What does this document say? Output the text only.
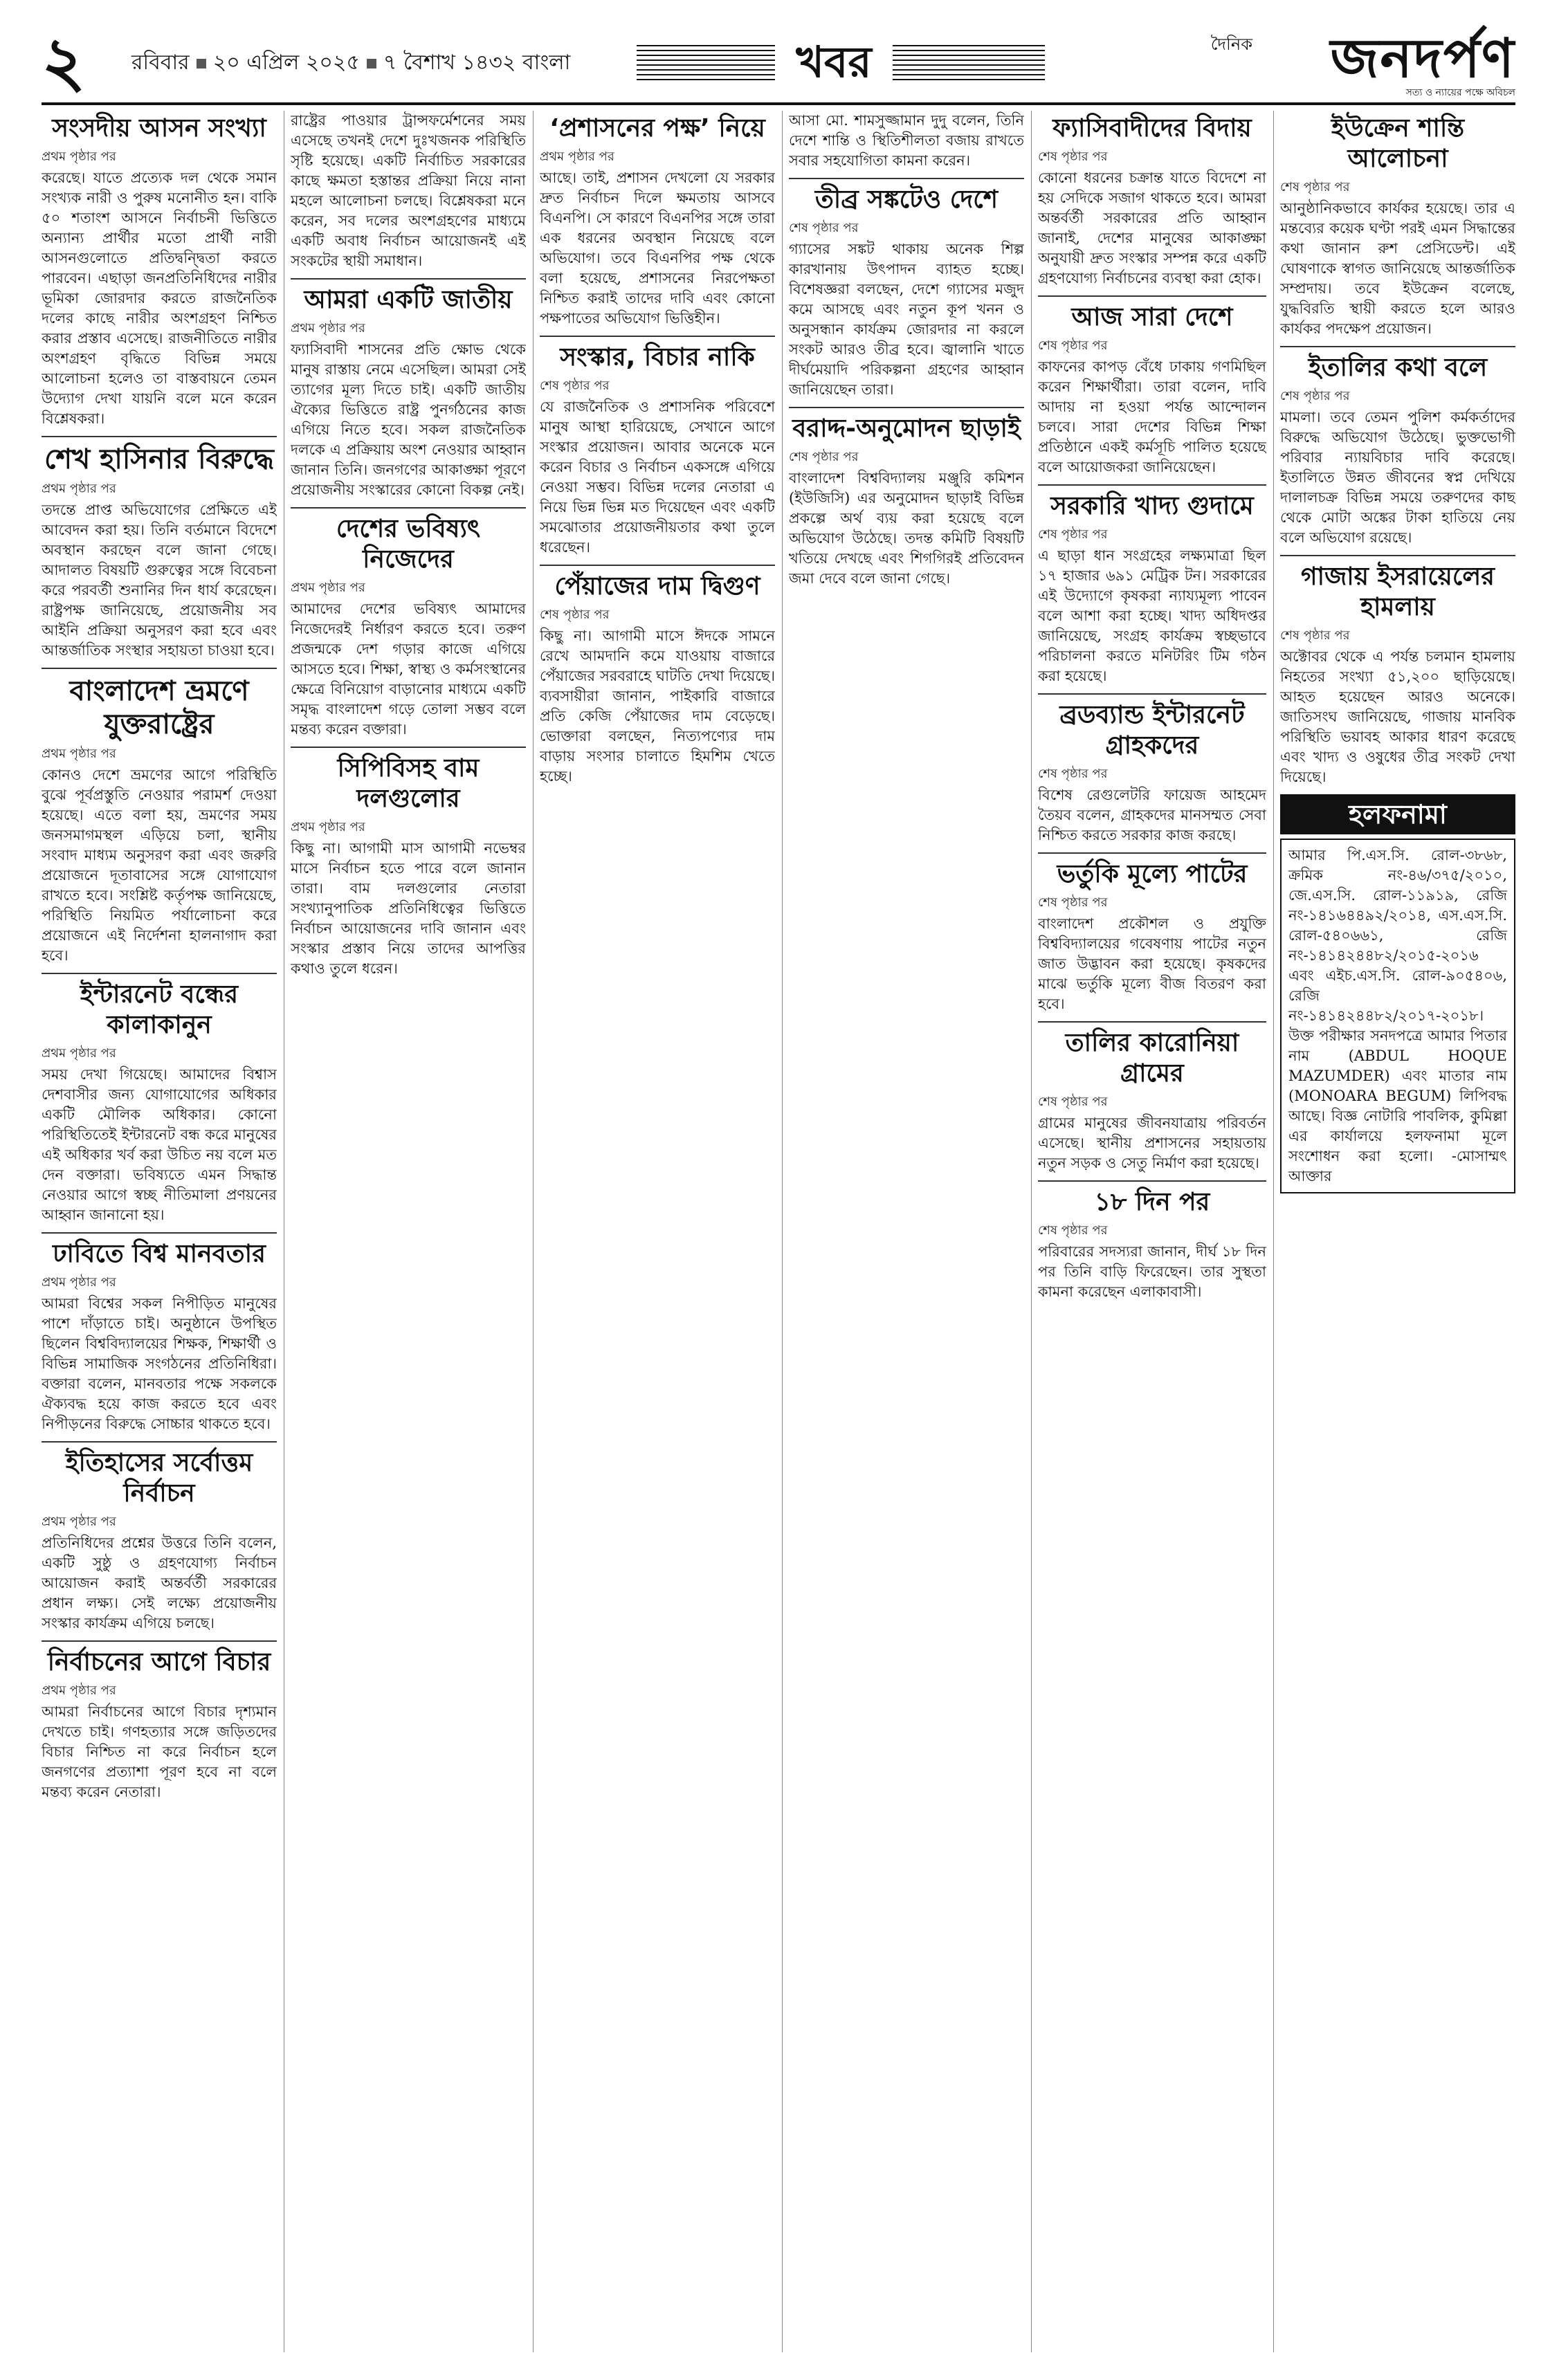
২	রবিবার ২০ এপ্রিল ২০২৫ ৭ বৈশাখ ১৪৩২ বাংলা	খবর	দৈনিক	জনদর্পণ
সত্য ও ন্যায়ের পক্ষে অবিচল
সংসদীয় আসন সংখ্যা
প্রথম পৃষ্ঠার পর

করেছে। যাতে প্রত্যেক দল থেকে সমান সংখ্যক নারী ও পুরুষ মনোনীত হন। বাকি ৫০ শতাংশ আসনে নির্বাচনী ভিত্তিতে অন্যান্য প্রার্থীর মতো প্রার্থী নারী আসনগুলোতে প্রতিদ্বন্দ্বিতা করতে পারবেন। এছাড়া জনপ্রতিনিধিদের নারীর ভূমিকা জোরদার করতে রাজনৈতিক দলের কাছে নারীর অংশগ্রহণ নিশ্চিত করার প্রস্তাব এসেছে। রাজনীতিতে নারীর অংশগ্রহণ বৃদ্ধিতে বিভিন্ন সময়ে আলোচনা হলেও তা বাস্তবায়নে তেমন উদ্যোগ দেখা যায়নি বলে মনে করেন বিশ্লেষকরা।

শেখ হাসিনার বিরুদ্ধে
প্রথম পৃষ্ঠার পর

তদন্তে প্রাপ্ত অভিযোগের প্রেক্ষিতে এই আবেদন করা হয়। তিনি বর্তমানে বিদেশে অবস্থান করছেন বলে জানা গেছে। আদালত বিষয়টি গুরুত্বের সঙ্গে বিবেচনা করে পরবর্তী শুনানির দিন ধার্য করেছেন। রাষ্ট্রপক্ষ জানিয়েছে, প্রয়োজনীয় সব আইনি প্রক্রিয়া অনুসরণ করা হবে এবং আন্তর্জাতিক সংস্থার সহায়তা চাওয়া হবে।

বাংলাদেশ ভ্রমণে যুক্তরাষ্ট্রের
প্রথম পৃষ্ঠার পর

কোনও দেশে ভ্রমণের আগে পরিস্থিতি বুঝে পূর্বপ্রস্তুতি নেওয়ার পরামর্শ দেওয়া হয়েছে। এতে বলা হয়, ভ্রমণের সময় জনসমাগমস্থল এড়িয়ে চলা, স্থানীয় সংবাদ মাধ্যম অনুসরণ করা এবং জরুরি প্রয়োজনে দূতাবাসের সঙ্গে যোগাযোগ রাখতে হবে। সংশ্লিষ্ট কর্তৃপক্ষ জানিয়েছে, পরিস্থিতি নিয়মিত পর্যালোচনা করে প্রয়োজনে এই নির্দেশনা হালনাগাদ করা হবে।

ইন্টারনেট বন্ধের কালাকানুন
প্রথম পৃষ্ঠার পর

সময় দেখা গিয়েছে। আমাদের বিশ্বাস দেশবাসীর জন্য যোগাযোগের অধিকার একটি মৌলিক অধিকার। কোনো পরিস্থিতিতেই ইন্টারনেট বন্ধ করে মানুষের এই অধিকার খর্ব করা উচিত নয় বলে মত দেন বক্তারা। ভবিষ্যতে এমন সিদ্ধান্ত নেওয়ার আগে স্বচ্ছ নীতিমালা প্রণয়নের আহ্বান জানানো হয়।

ঢাবিতে বিশ্ব মানবতার
প্রথম পৃষ্ঠার পর

আমরা বিশ্বের সকল নিপীড়িত মানুষের পাশে দাঁড়াতে চাই। অনুষ্ঠানে উপস্থিত ছিলেন বিশ্ববিদ্যালয়ের শিক্ষক, শিক্ষার্থী ও বিভিন্ন সামাজিক সংগঠনের প্রতিনিধিরা। বক্তারা বলেন, মানবতার পক্ষে সকলকে ঐক্যবদ্ধ হয়ে কাজ করতে হবে এবং নিপীড়নের বিরুদ্ধে সোচ্চার থাকতে হবে।

ইতিহাসের সর্বোত্তম নির্বাচন
প্রথম পৃষ্ঠার পর

প্রতিনিধিদের প্রশ্নের উত্তরে তিনি বলেন, একটি সুষ্ঠু ও গ্রহণযোগ্য নির্বাচন আয়োজন করাই অন্তর্বর্তী সরকারের প্রধান লক্ষ্য। সেই লক্ষ্যে প্রয়োজনীয় সংস্কার কার্যক্রম এগিয়ে চলছে।

নির্বাচনের আগে বিচার
প্রথম পৃষ্ঠার পর

আমরা নির্বাচনের আগে বিচার দৃশ্যমান দেখতে চাই। গণহত্যার সঙ্গে জড়িতদের বিচার নিশ্চিত না করে নির্বাচন হলে জনগণের প্রত্যাশা পূরণ হবে না বলে মন্তব্য করেন নেতারা।

রাষ্ট্রের পাওয়ার ট্রান্সফর্মেশনের সময় এসেছে তখনই দেশে দুঃখজনক পরিস্থিতি সৃষ্টি হয়েছে। একটি নির্বাচিত সরকারের কাছে ক্ষমতা হস্তান্তর প্রক্রিয়া নিয়ে নানা মহলে আলোচনা চলছে। বিশ্লেষকরা মনে করেন, সব দলের অংশগ্রহণের মাধ্যমে একটি অবাধ নির্বাচন আয়োজনই এই সংকটের স্থায়ী সমাধান।

আমরা একটি জাতীয়
প্রথম পৃষ্ঠার পর

ফ্যাসিবাদী শাসনের প্রতি ক্ষোভ থেকে মানুষ রাস্তায় নেমে এসেছিল। আমরা সেই ত্যাগের মূল্য দিতে চাই। একটি জাতীয় ঐক্যের ভিত্তিতে রাষ্ট্র পুনর্গঠনের কাজ এগিয়ে নিতে হবে। সকল রাজনৈতিক দলকে এ প্রক্রিয়ায় অংশ নেওয়ার আহ্বান জানান তিনি। জনগণের আকাঙ্ক্ষা পূরণে প্রয়োজনীয় সংস্কারের কোনো বিকল্প নেই।

দেশের ভবিষ্যৎ নিজেদের
প্রথম পৃষ্ঠার পর

আমাদের দেশের ভবিষ্যৎ আমাদের নিজেদেরই নির্ধারণ করতে হবে। তরুণ প্রজন্মকে দেশ গড়ার কাজে এগিয়ে আসতে হবে। শিক্ষা, স্বাস্থ্য ও কর্মসংস্থানের ক্ষেত্রে বিনিয়োগ বাড়ানোর মাধ্যমে একটি সমৃদ্ধ বাংলাদেশ গড়ে তোলা সম্ভব বলে মন্তব্য করেন বক্তারা।

সিপিবিসহ বাম দলগুলোর
প্রথম পৃষ্ঠার পর

কিছু না। আগামী মাস আগামী নভেম্বর মাসে নির্বাচন হতে পারে বলে জানান তারা। বাম দলগুলোর নেতারা সংখ্যানুপাতিক প্রতিনিধিত্বের ভিত্তিতে নির্বাচন আয়োজনের দাবি জানান এবং সংস্কার প্রস্তাব নিয়ে তাদের আপত্তির কথাও তুলে ধরেন।

‘প্রশাসনের পক্ষ’ নিয়ে
প্রথম পৃষ্ঠার পর

আছে। তাই, প্রশাসন দেখলো যে সরকার দ্রুত নির্বাচন দিলে ক্ষমতায় আসবে বিএনপি। সে কারণে বিএনপির সঙ্গে তারা এক ধরনের অবস্থান নিয়েছে বলে অভিযোগ। তবে বিএনপির পক্ষ থেকে বলা হয়েছে, প্রশাসনের নিরপেক্ষতা নিশ্চিত করাই তাদের দাবি এবং কোনো পক্ষপাতের অভিযোগ ভিত্তিহীন।

সংস্কার, বিচার নাকি
শেষ পৃষ্ঠার পর

যে রাজনৈতিক ও প্রশাসনিক পরিবেশে মানুষ আস্থা হারিয়েছে, সেখানে আগে সংস্কার প্রয়োজন। আবার অনেকে মনে করেন বিচার ও নির্বাচন একসঙ্গে এগিয়ে নেওয়া সম্ভব। বিভিন্ন দলের নেতারা এ নিয়ে ভিন্ন ভিন্ন মত দিয়েছেন এবং একটি সমঝোতার প্রয়োজনীয়তার কথা তুলে ধরেছেন।

পেঁয়াজের দাম দ্বিগুণ
শেষ পৃষ্ঠার পর

কিছু না। আগামী মাসে ঈদকে সামনে রেখে আমদানি কমে যাওয়ায় বাজারে পেঁয়াজের সরবরাহে ঘাটতি দেখা দিয়েছে। ব্যবসায়ীরা জানান, পাইকারি বাজারে প্রতি কেজি পেঁয়াজের দাম বেড়েছে। ভোক্তারা বলছেন, নিত্যপণ্যের দাম বাড়ায় সংসার চালাতে হিমশিম খেতে হচ্ছে।

আসা মো. শামসুজ্জামান দুদু বলেন, তিনি দেশে শান্তি ও স্থিতিশীলতা বজায় রাখতে সবার সহযোগিতা কামনা করেন।

তীব্র সঙ্কটেও দেশে
শেষ পৃষ্ঠার পর

গ্যাসের সঙ্কট থাকায় অনেক শিল্প কারখানায় উৎপাদন ব্যাহত হচ্ছে। বিশেষজ্ঞরা বলছেন, দেশে গ্যাসের মজুদ কমে আসছে এবং নতুন কূপ খনন ও অনুসন্ধান কার্যক্রম জোরদার না করলে সংকট আরও তীব্র হবে। জ্বালানি খাতে দীর্ঘমেয়াদি পরিকল্পনা গ্রহণের আহ্বান জানিয়েছেন তারা।

বরাদ্দ-অনুমোদন ছাড়াই
শেষ পৃষ্ঠার পর

বাংলাদেশ বিশ্ববিদ্যালয় মঞ্জুরি কমিশন (ইউজিসি) এর অনুমোদন ছাড়াই বিভিন্ন প্রকল্পে অর্থ ব্যয় করা হয়েছে বলে অভিযোগ উঠেছে। তদন্ত কমিটি বিষয়টি খতিয়ে দেখছে এবং শিগগিরই প্রতিবেদন জমা দেবে বলে জানা গেছে।

ফ্যাসিবাদীদের বিদায়
শেষ পৃষ্ঠার পর

কোনো ধরনের চক্রান্ত যাতে বিদেশে না হয় সেদিকে সজাগ থাকতে হবে। আমরা অন্তর্বর্তী সরকারের প্রতি আহ্বান জানাই, দেশের মানুষের আকাঙ্ক্ষা অনুযায়ী দ্রুত সংস্কার সম্পন্ন করে একটি গ্রহণযোগ্য নির্বাচনের ব্যবস্থা করা হোক।

আজ সারা দেশে
শেষ পৃষ্ঠার পর

কাফনের কাপড় বেঁধে ঢাকায় গণমিছিল করেন শিক্ষার্থীরা। তারা বলেন, দাবি আদায় না হওয়া পর্যন্ত আন্দোলন চলবে। সারা দেশের বিভিন্ন শিক্ষা প্রতিষ্ঠানে একই কর্মসূচি পালিত হয়েছে বলে আয়োজকরা জানিয়েছেন।

সরকারি খাদ্য গুদামে
শেষ পৃষ্ঠার পর

এ ছাড়া ধান সংগ্রহের লক্ষ্যমাত্রা ছিল ১৭ হাজার ৬৯১ মেট্রিক টন। সরকারের এই উদ্যোগে কৃষকরা ন্যায্যমূল্য পাবেন বলে আশা করা হচ্ছে। খাদ্য অধিদপ্তর জানিয়েছে, সংগ্রহ কার্যক্রম স্বচ্ছভাবে পরিচালনা করতে মনিটরিং টিম গঠন করা হয়েছে।

ব্রডব্যান্ড ইন্টারনেট গ্রাহকদের
শেষ পৃষ্ঠার পর

বিশেষ রেগুলেটরি ফায়েজ আহমেদ তৈয়ব বলেন, গ্রাহকদের মানসম্মত সেবা নিশ্চিত করতে সরকার কাজ করছে।

ভর্তুকি মূল্যে পাটের
শেষ পৃষ্ঠার পর

বাংলাদেশ প্রকৌশল ও প্রযুক্তি বিশ্ববিদ্যালয়ের গবেষণায় পাটের নতুন জাত উদ্ভাবন করা হয়েছে। কৃষকদের মাঝে ভর্তুকি মূল্যে বীজ বিতরণ করা হবে।

তালির কারোনিয়া গ্রামের
শেষ পৃষ্ঠার পর

গ্রামের মানুষের জীবনযাত্রায় পরিবর্তন এসেছে। স্থানীয় প্রশাসনের সহায়তায় নতুন সড়ক ও সেতু নির্মাণ করা হয়েছে।

১৮ দিন পর
শেষ পৃষ্ঠার পর

পরিবারের সদস্যরা জানান, দীর্ঘ ১৮ দিন পর তিনি বাড়ি ফিরেছেন। তার সুস্থতা কামনা করেছেন এলাকাবাসী।

ইউক্রেন শান্তি আলোচনা
শেষ পৃষ্ঠার পর

আনুষ্ঠানিকভাবে কার্যকর হয়েছে। তার এ মন্তব্যের কয়েক ঘণ্টা পরই এমন সিদ্ধান্তের কথা জানান রুশ প্রেসিডেন্ট। এই ঘোষণাকে স্বাগত জানিয়েছে আন্তর্জাতিক সম্প্রদায়। তবে ইউক্রেন বলেছে, যুদ্ধবিরতি স্থায়ী করতে হলে আরও কার্যকর পদক্ষেপ প্রয়োজন।

ইতালির কথা বলে
শেষ পৃষ্ঠার পর

মামলা। তবে তেমন পুলিশ কর্মকর্তাদের বিরুদ্ধে অভিযোগ উঠেছে। ভুক্তভোগী পরিবার ন্যায়বিচার দাবি করেছে। ইতালিতে উন্নত জীবনের স্বপ্ন দেখিয়ে দালালচক্র বিভিন্ন সময়ে তরুণদের কাছ থেকে মোটা অঙ্কের টাকা হাতিয়ে নেয় বলে অভিযোগ রয়েছে।

গাজায় ইসরায়েলের হামলায়
শেষ পৃষ্ঠার পর

অক্টোবর থেকে এ পর্যন্ত চলমান হামলায় নিহতের সংখ্যা ৫১,২০০ ছাড়িয়েছে। আহত হয়েছেন আরও অনেকে। জাতিসংঘ জানিয়েছে, গাজায় মানবিক পরিস্থিতি ভয়াবহ আকার ধারণ করেছে এবং খাদ্য ও ওষুধের তীব্র সংকট দেখা দিয়েছে।

হলফনামা

আমার পি.এস.সি. রোল-৩৮৬৮, ক্রমিক নং-৪৬/৩৭৫/২০১০, জে.এস.সি. রোল-১১৯১৯, রেজি নং-১৪১৬৪৪৯২/২০১৪, এস.এস.সি. রোল-৫৪০৬৬১, রেজি নং-১৪১৪২৪৪৮২/২০১৫-২০১৬ এবং এইচ.এস.সি. রোল-৯০৫৪০৬, রেজি নং-১৪১৪২৪৪৮২/২০১৭-২০১৮। উক্ত পরীক্ষার সনদপত্রে আমার পিতার নাম (ABDUL HOQUE MAZUMDER) এবং মাতার নাম (MONOARA BEGUM) লিপিবদ্ধ আছে। বিজ্ঞ নোটারি পাবলিক, কুমিল্লা এর কার্যালয়ে হলফনামা মূলে সংশোধন করা হলো। -মোসাম্মৎ আক্তার
